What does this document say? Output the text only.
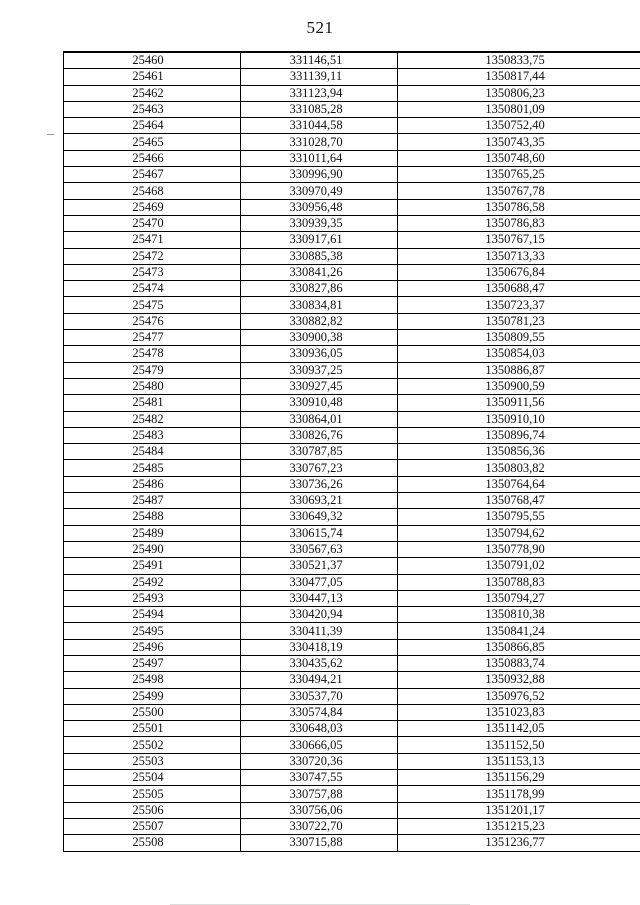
521
25460	331146,51	1350833,75
25461	331139,11	1350817,44
25462	331123,94	1350806,23
25463	331085,28	1350801,09
25464	331044,58	1350752,40
25465	331028,70	1350743,35
25466	331011,64	1350748,60
25467	330996,90	1350765,25
25468	330970,49	1350767,78
25469	330956,48	1350786,58
25470	330939,35	1350786,83
25471	330917,61	1350767,15
25472	330885,38	1350713,33
25473	330841,26	1350676,84
25474	330827,86	1350688,47
25475	330834,81	1350723,37
25476	330882,82	1350781,23
25477	330900,38	1350809,55
25478	330936,05	1350854,03
25479	330937,25	1350886,87
25480	330927,45	1350900,59
25481	330910,48	1350911,56
25482	330864,01	1350910,10
25483	330826,76	1350896,74
25484	330787,85	1350856,36
25485	330767,23	1350803,82
25486	330736,26	1350764,64
25487	330693,21	1350768,47
25488	330649,32	1350795,55
25489	330615,74	1350794,62
25490	330567,63	1350778,90
25491	330521,37	1350791,02
25492	330477,05	1350788,83
25493	330447,13	1350794,27
25494	330420,94	1350810,38
25495	330411,39	1350841,24
25496	330418,19	1350866,85
25497	330435,62	1350883,74
25498	330494,21	1350932,88
25499	330537,70	1350976,52
25500	330574,84	1351023,83
25501	330648,03	1351142,05
25502	330666,05	1351152,50
25503	330720,36	1351153,13
25504	330747,55	1351156,29
25505	330757,88	1351178,99
25506	330756,06	1351201,17
25507	330722,70	1351215,23
25508	330715,88	1351236,77
